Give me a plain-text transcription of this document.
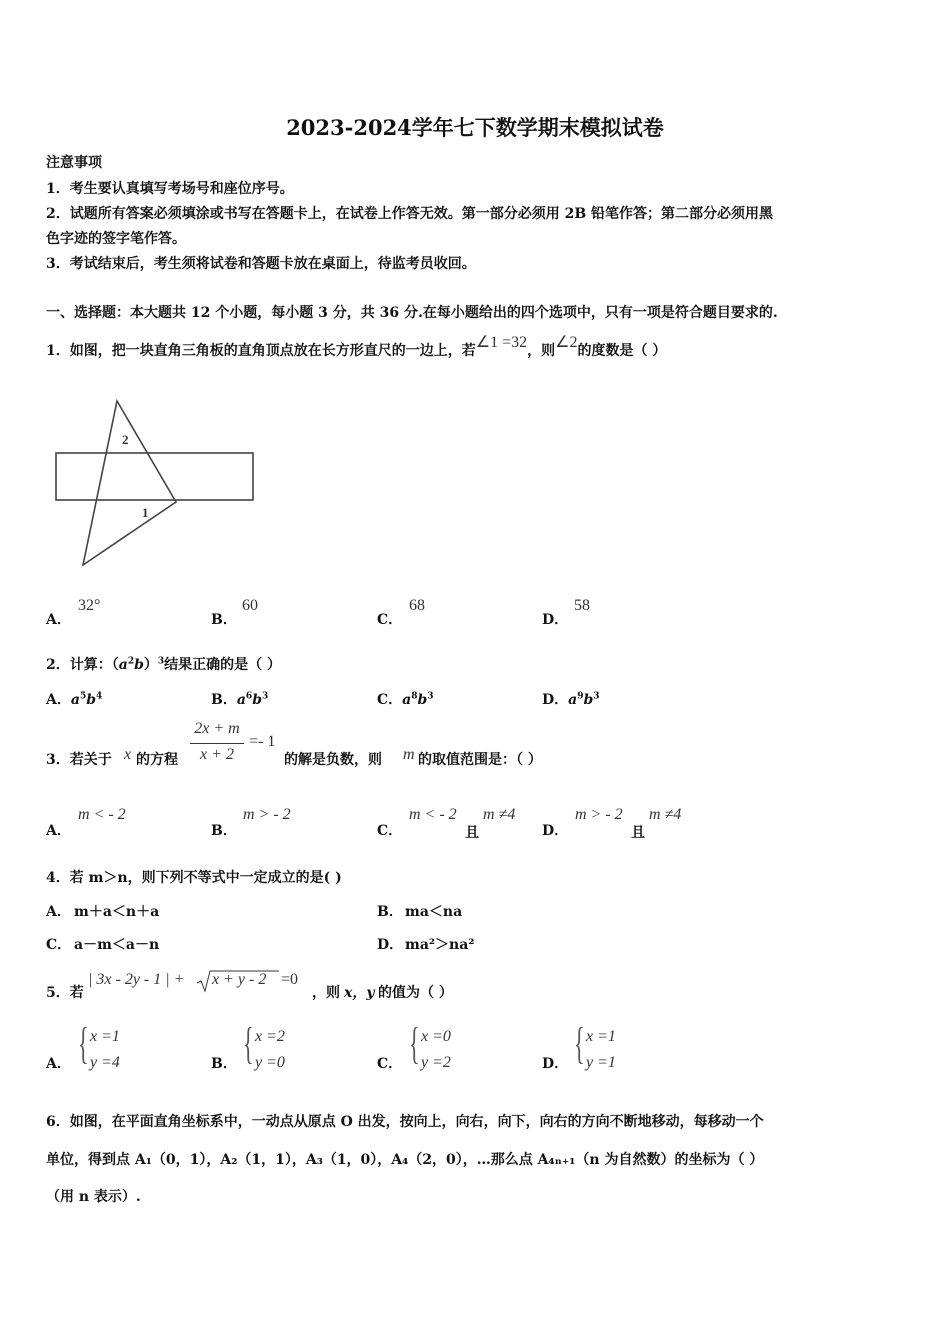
2023-2024学年七下数学期末模拟试卷
注意事项
1．考生要认真填写考场号和座位序号。
2．试题所有答案必须填涂或书写在答题卡上，在试卷上作答无效。第一部分必须用 2B 铅笔作答；第二部分必须用黑
色字迹的签字笔作答。
3．考试结束后，考生须将试卷和答题卡放在桌面上，待监考员收回。
一、选择题：本大题共 12 个小题，每小题 3 分，共 36 分.在每小题给出的四个选项中，只有一项是符合题目要求的.
1．如图，把一块直角三角板的直角顶点放在长方形直尺的一边上，若∠1 =32，则∠2的度数是（ ）
2
1
A．
32°
B．
60
C．
68
D．
58
2．计算：$(a^2b)^3$结果正确的是（ ）
A．$a^5b^4$	B．$a^6b^3$	C．$a^8b^3$	D．$a^9b^3$
3．若关于 x 的方程
2x + m
x + 2
=- 1
的解是负数，则 m 的取值范围是：（ ）
A．
m < - 2
B．
m > - 2
C．
m < - 2
且
m ≠4
D．
m > - 2
且
m ≠4
4．若 m＞n，则下列不等式中一定成立的是( )
A． m＋a＜n＋a	B． ma＜na
C． a－m＜a－n	D． ma²＞na²
5．若
| 3x - 2y - 1 | + x + y - 2 =0
，则 x，y 的值为（ ）
A． { x =1
y =4	B． { x =2
y =0	C． { x =0
y =2	D． { x =1
y =1
6．如图，在平面直角坐标系中，一动点从原点 O 出发，按向上，向右，向下，向右的方向不断地移动，每移动一个
单位，得到点 A₁（0，1），A₂（1，1），A₃（1，0），A₄（2，0），…那么点 A₄ₙ₊₁（n 为自然数）的坐标为（ ）
（用 n 表示）.
